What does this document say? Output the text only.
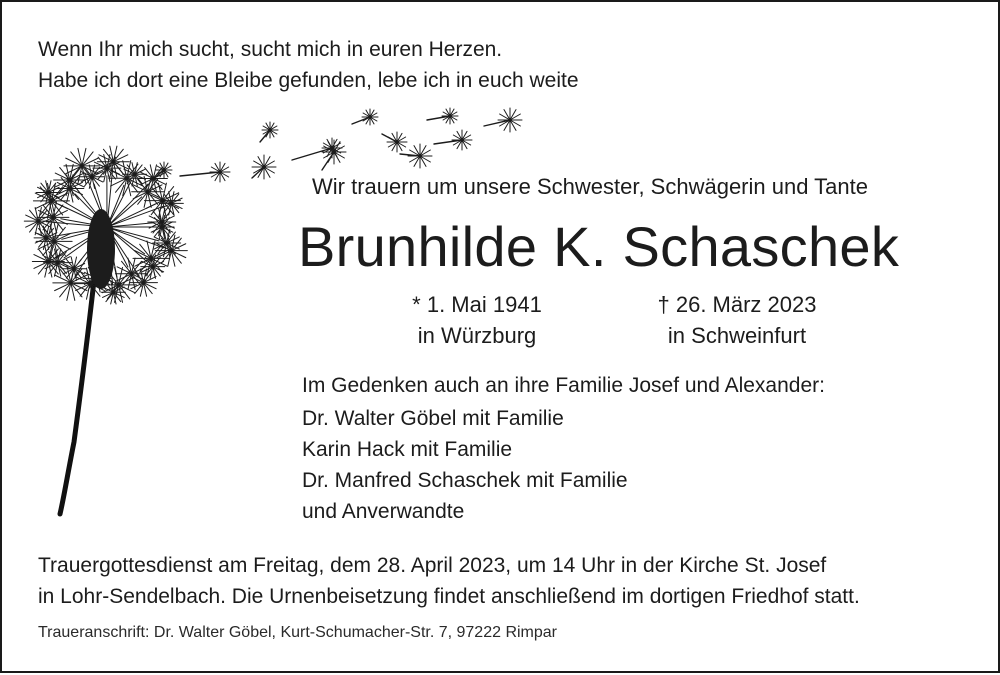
Wenn Ihr mich sucht, sucht mich in euren Herzen.
Habe ich dort eine Bleibe gefunden, lebe ich in euch weite
Wir trauern um unsere Schwester, Schwägerin und Tante
Brunhilde K. Schaschek
* 1. Mai 1941
in Würzburg
† 26. März 2023
in Schweinfurt
Im Gedenken auch an ihre Familie Josef und Alexander:
Dr. Walter Göbel mit Familie
Karin Hack mit Familie
Dr. Manfred Schaschek mit Familie
und Anverwandte
Trauergottesdienst am Freitag, dem 28. April 2023, um 14 Uhr in der Kirche St. Josef
in Lohr-Sendelbach. Die Urnenbeisetzung findet anschließend im dortigen Friedhof statt.
Traueranschrift: Dr. Walter Göbel, Kurt-Schumacher-Str. 7, 97222 Rimpar
